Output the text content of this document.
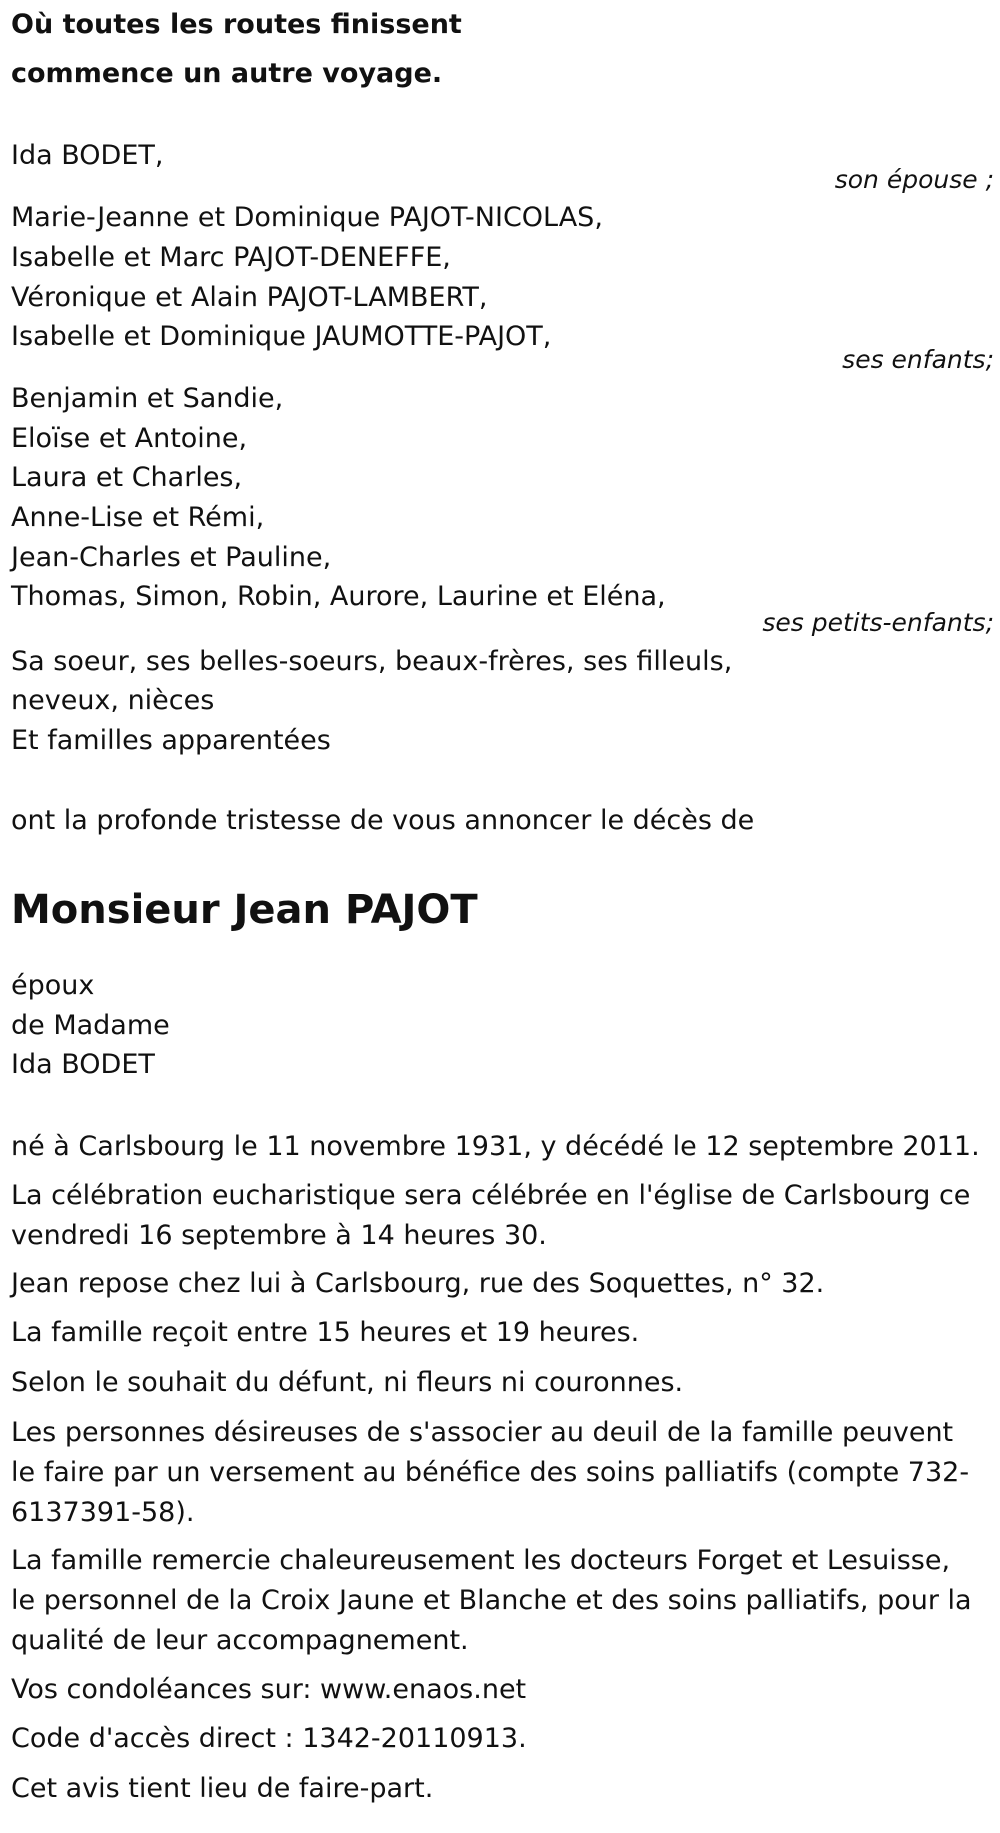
Où toutes les routes finissent
commence un autre voyage.
Ida BODET,
son épouse ;
Marie-Jeanne et Dominique PAJOT-NICOLAS,
Isabelle et Marc PAJOT-DENEFFE,
Véronique et Alain PAJOT-LAMBERT,
Isabelle et Dominique JAUMOTTE-PAJOT,
ses enfants;
Benjamin et Sandie,
Eloïse et Antoine,
Laura et Charles,
Anne-Lise et Rémi,
Jean-Charles et Pauline,
Thomas, Simon, Robin, Aurore, Laurine et Eléna,
ses petits-enfants;
Sa soeur, ses belles-soeurs, beaux-frères, ses filleuls,
neveux, nièces
Et familles apparentées
ont la profonde tristesse de vous annoncer le décès de
Monsieur Jean PAJOT
époux
de Madame
Ida BODET
né à Carlsbourg le 11 novembre 1931, y décédé le 12 septembre 2011.
La célébration eucharistique sera célébrée en l'église de Carlsbourg ce vendredi 16 septembre à 14 heures 30.
Jean repose chez lui à Carlsbourg, rue des Soquettes, n° 32.
La famille reçoit entre 15 heures et 19 heures.
Selon le souhait du défunt, ni fleurs ni couronnes.
Les personnes désireuses de s'associer au deuil de la famille peuvent le faire par un versement au bénéfice des soins palliatifs (compte 732-6137391-58).
La famille remercie chaleureusement les docteurs Forget et Lesuisse, le personnel de la Croix Jaune et Blanche et des soins palliatifs, pour la qualité de leur accompagnement.
Vos condoléances sur: www.enaos.net
Code d'accès direct : 1342-20110913.
Cet avis tient lieu de faire-part.
